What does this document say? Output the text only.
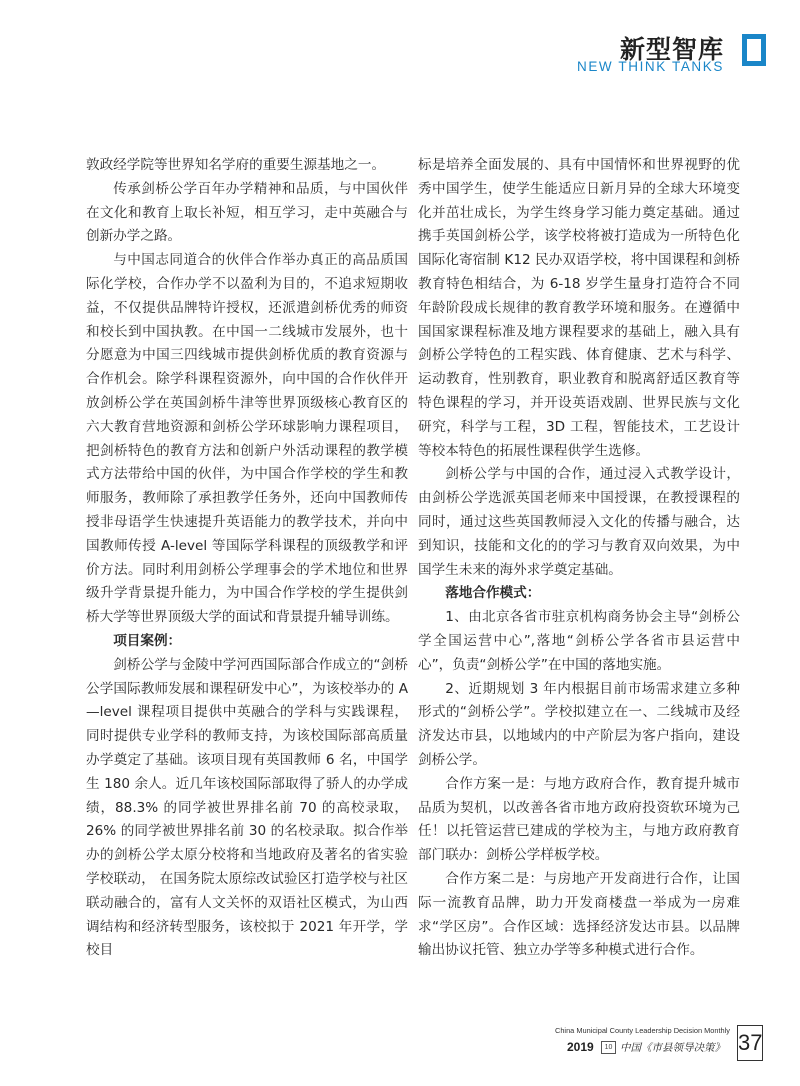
新型智库
NEW THINK TANKS

敦政经学院等世界知名学府的重要生源基地之一。

传承剑桥公学百年办学精神和品质，与中国伙伴在文化和教育上取长补短，相互学习，走中英融合与创新办学之路。

与中国志同道合的伙伴合作举办真正的高品质国际化学校，合作办学不以盈利为目的，不追求短期收益，不仅提供品牌特许授权，还派遣剑桥优秀的师资和校长到中国执教。在中国一二线城市发展外，也十分愿意为中国三四线城市提供剑桥优质的教育资源与合作机会。除学科课程资源外，向中国的合作伙伴开放剑桥公学在英国剑桥牛津等世界顶级核心教育区的六大教育营地资源和剑桥公学环球影响力课程项目，把剑桥特色的教育方法和创新户外活动课程的教学模式方法带给中国的伙伴，为中国合作学校的学生和教师服务，教师除了承担教学任务外，还向中国教师传授非母语学生快速提升英语能力的教学技术，并向中国教师传授 A-level 等国际学科课程的顶级教学和评价方法。同时利用剑桥公学理事会的学术地位和世界级升学背景提升能力，为中国合作学校的学生提供剑桥大学等世界顶级大学的面试和背景提升辅导训练。

项目案例：

剑桥公学与金陵中学河西国际部合作成立的“剑桥公学国际教师发展和课程研发中心”，为该校举办的 A—level 课程项目提供中英融合的学科与实践课程，同时提供专业学科的教师支持，为该校国际部高质量办学奠定了基础。该项目现有英国教师 6 名，中国学生 180 余人。近几年该校国际部取得了骄人的办学成绩，88.3% 的同学被世界排名前 70 的高校录取，26% 的同学被世界排名前 30 的名校录取。拟合作举办的剑桥公学太原分校将和当地政府及著名的省实验学校联动， 在国务院太原综改试验区打造学校与社区联动融合的，富有人文关怀的双语社区模式，为山西调结构和经济转型服务，该校拟于 2021 年开学，学校目

标是培养全面发展的、具有中国情怀和世界视野的优秀中国学生，使学生能适应日新月异的全球大环境变化并茁壮成长，为学生终身学习能力奠定基础。通过携手英国剑桥公学，该学校将被打造成为一所特色化国际化寄宿制 K12 民办双语学校，将中国课程和剑桥教育特色相结合，为 6-18 岁学生量身打造符合不同年龄阶段成长规律的教育教学环境和服务。在遵循中国国家课程标准及地方课程要求的基础上，融入具有剑桥公学特色的工程实践、体育健康、艺术与科学、运动教育，性别教育，职业教育和脱离舒适区教育等特色课程的学习，并开设英语戏剧、世界民族与文化研究，科学与工程，3D 工程，智能技术，工艺设计等校本特色的拓展性课程供学生选修。

剑桥公学与中国的合作，通过浸入式教学设计，由剑桥公学选派英国老师来中国授课，在教授课程的同时，通过这些英国教师浸入文化的传播与融合，达到知识，技能和文化的的学习与教育双向效果，为中国学生未来的海外求学奠定基础。

落地合作模式：

1、由北京各省市驻京机构商务协会主导“剑桥公学全国运营中心”,落地“剑桥公学各省市县运营中心”，负责“剑桥公学”在中国的落地实施。

2、近期规划 3 年内根据目前市场需求建立多种形式的“剑桥公学”。学校拟建立在一、二线城市及经济发达市县，以地域内的中产阶层为客户指向，建设剑桥公学。

合作方案一是：与地方政府合作，教育提升城市品质为契机，以改善各省市地方政府投资软环境为己任！以托管运营已建成的学校为主，与地方政府教育部门联办：剑桥公学样板学校。

合作方案二是：与房地产开发商进行合作，让国际一流教育品牌，助力开发商楼盘一举成为一房难求“学区房”。合作区域：选择经济发达市县。以品牌输出协议托管、独立办学等多种模式进行合作。

China Municipal County Leadership Decision Monthly
2019	10 中国《市县领导决策》 37
